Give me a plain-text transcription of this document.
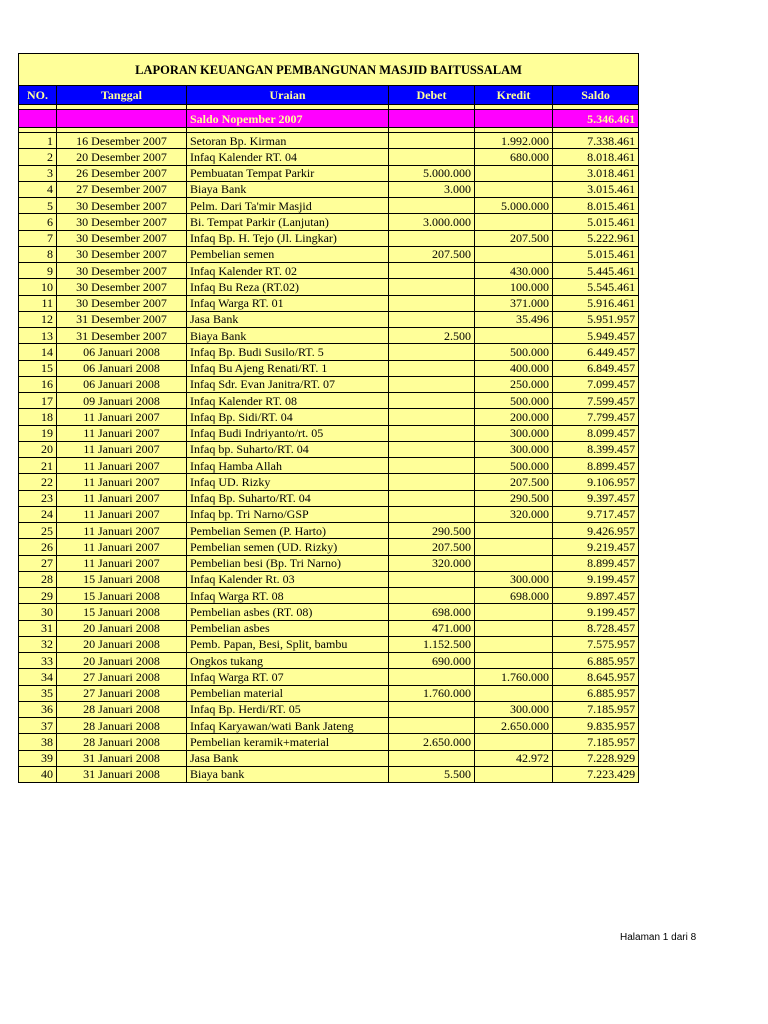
LAPORAN KEUANGAN PEMBANGUNAN MASJID BAITUSSALAM					
NO.	Tanggal	Uraian	Debet	Kredit	Saldo

		Saldo Nopember 2007			5.346.461

1	16 Desember 2007	Setoran Bp. Kirman		1.992.000	7.338.461
2	20 Desember 2007	Infaq Kalender RT. 04		680.000	8.018.461
3	26 Desember 2007	Pembuatan Tempat Parkir	5.000.000		3.018.461
4	27 Desember 2007	Biaya Bank	3.000		3.015.461
5	30 Desember 2007	Pelm. Dari Ta'mir Masjid		5.000.000	8.015.461
6	30 Desember 2007	Bi. Tempat Parkir (Lanjutan)	3.000.000		5.015.461
7	30 Desember 2007	Infaq Bp. H. Tejo (Jl. Lingkar)		207.500	5.222.961
8	30 Desember 2007	Pembelian semen	207.500		5.015.461
9	30 Desember 2007	Infaq Kalender RT. 02		430.000	5.445.461
10	30 Desember 2007	Infaq Bu Reza (RT.02)		100.000	5.545.461
11	30 Desember 2007	Infaq Warga RT. 01		371.000	5.916.461
12	31 Desember 2007	Jasa Bank		35.496	5.951.957
13	31 Desember 2007	Biaya Bank	2.500		5.949.457
14	06 Januari 2008	Infaq Bp. Budi Susilo/RT. 5		500.000	6.449.457
15	06 Januari 2008	Infaq Bu Ajeng Renati/RT. 1		400.000	6.849.457
16	06 Januari 2008	Infaq Sdr. Evan Janitra/RT. 07		250.000	7.099.457
17	09 Januari 2008	Infaq Kalender RT. 08		500.000	7.599.457
18	11 Januari 2007	Infaq Bp. Sidi/RT. 04		200.000	7.799.457
19	11 Januari 2007	Infaq Budi Indriyanto/rt. 05		300.000	8.099.457
20	11 Januari 2007	Infaq bp. Suharto/RT. 04		300.000	8.399.457
21	11 Januari 2007	Infaq Hamba Allah		500.000	8.899.457
22	11 Januari 2007	Infaq UD. Rizky		207.500	9.106.957
23	11 Januari 2007	Infaq Bp. Suharto/RT. 04		290.500	9.397.457
24	11 Januari 2007	Infaq bp. Tri Narno/GSP		320.000	9.717.457
25	11 Januari 2007	Pembelian Semen (P. Harto)	290.500		9.426.957
26	11 Januari 2007	Pembelian semen (UD. Rizky)	207.500		9.219.457
27	11 Januari 2007	Pembelian besi (Bp. Tri Narno)	320.000		8.899.457
28	15 Januari 2008	Infaq Kalender Rt. 03		300.000	9.199.457
29	15 Januari 2008	Infaq Warga RT. 08		698.000	9.897.457
30	15 Januari 2008	Pembelian asbes (RT. 08)	698.000		9.199.457
31	20 Januari 2008	Pembelian asbes	471.000		8.728.457
32	20 Januari 2008	Pemb. Papan, Besi, Split, bambu	1.152.500		7.575.957
33	20 Januari 2008	Ongkos tukang	690.000		6.885.957
34	27 Januari 2008	Infaq Warga RT. 07		1.760.000	8.645.957
35	27 Januari 2008	Pembelian material	1.760.000		6.885.957
36	28 Januari 2008	Infaq Bp. Herdi/RT. 05		300.000	7.185.957
37	28 Januari 2008	Infaq Karyawan/wati Bank Jateng		2.650.000	9.835.957
38	28 Januari 2008	Pembelian keramik+material	2.650.000		7.185.957
39	31 Januari 2008	Jasa Bank		42.972	7.228.929
40	31 Januari 2008	Biaya bank	5.500		7.223.429
Halaman 1 dari 8
